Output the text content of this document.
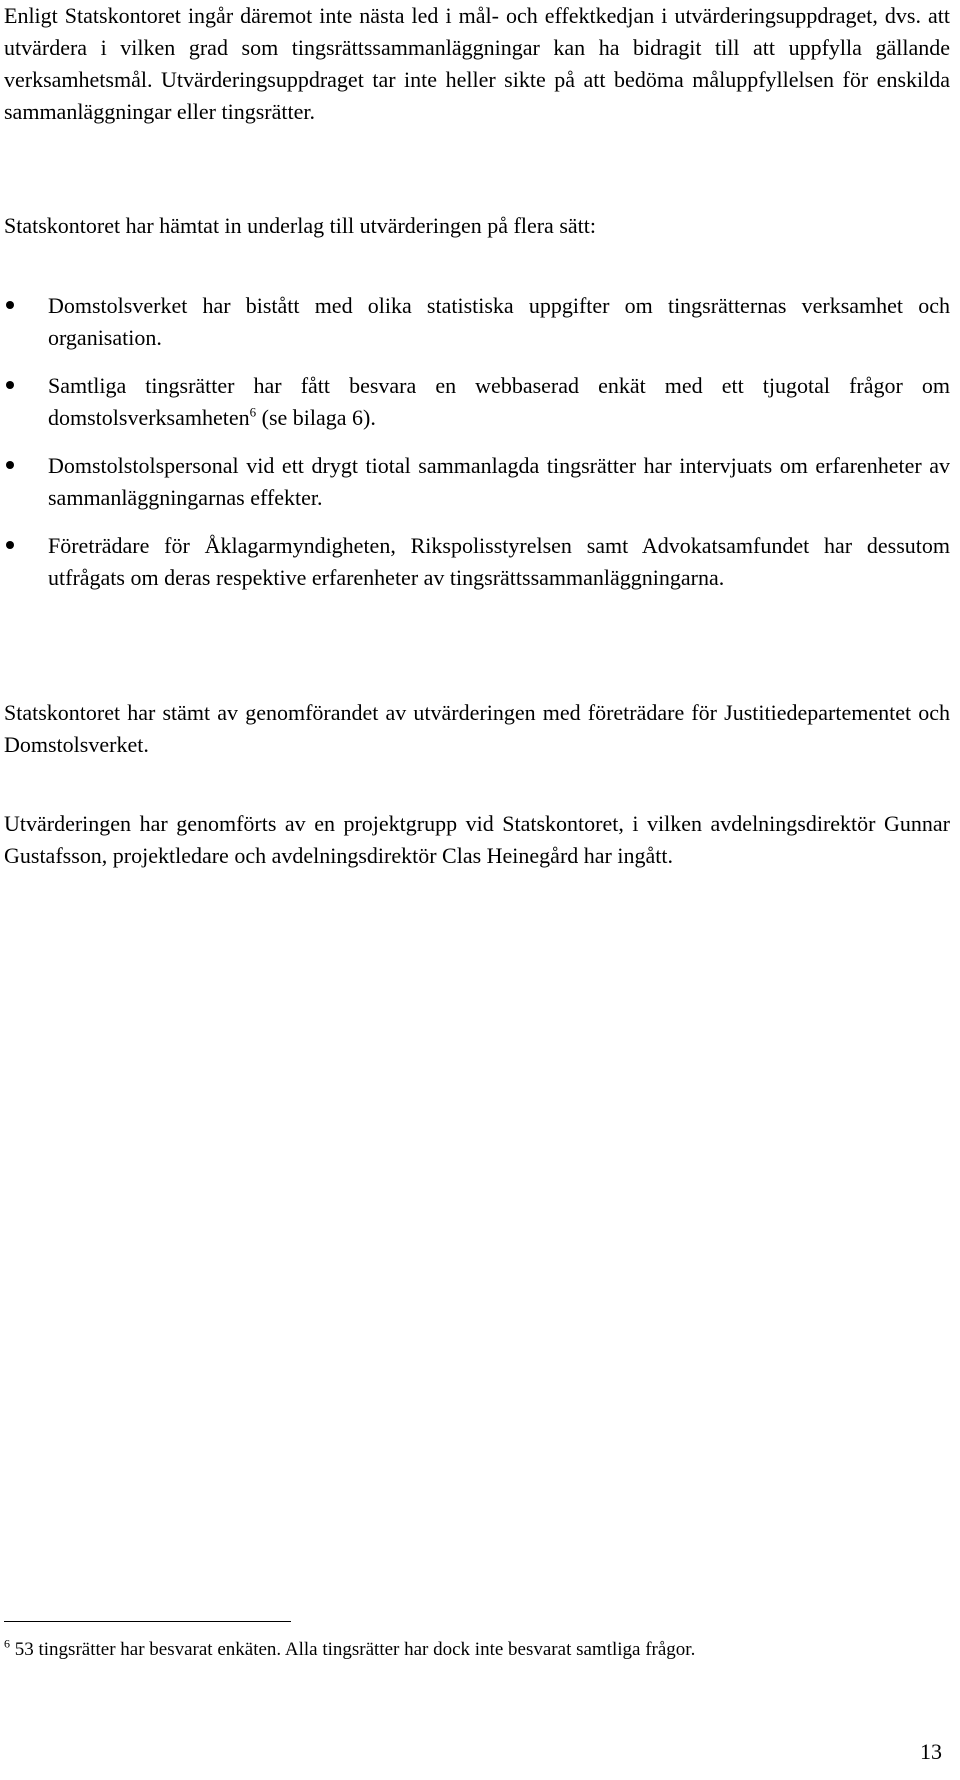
Enligt Statskontoret ingår däremot inte nästa led i mål- och effektkedjan i utvärderingsuppdraget, dvs. att utvärdera i vilken grad som tingsrättssammanläggningar kan ha bidragit till att uppfylla gällande verksamhetsmål. Utvärderingsuppdraget tar inte heller sikte på att bedöma måluppfyllelsen för enskilda sammanläggningar eller tingsrätter.

Statskontoret har hämtat in underlag till utvärderingen på flera sätt:

Domstolsverket har bistått med olika statistiska uppgifter om tingsrätternas verksamhet och organisation.
Samtliga tingsrätter har fått besvara en webbaserad enkät med ett tjugotal frågor om domstolsverksamheten$^6$ (se bilaga 6).
Domstolstolspersonal vid ett drygt tiotal sammanlagda tingsrätter har intervjuats om erfarenheter av sammanläggningarnas effekter.
Företrädare för Åklagarmyndigheten, Rikspolisstyrelsen samt Advokatsamfundet har dessutom utfrågats om deras respektive erfarenheter av tingsrättssammanläggningarna.

Statskontoret har stämt av genomförandet av utvärderingen med företrädare för Justitiedepartementet och Domstolsverket.

Utvärderingen har genomförts av en projektgrupp vid Statskontoret, i vilken avdelningsdirektör Gunnar Gustafsson, projektledare och avdelningsdirektör Clas Heinegård har ingått.

$^6$ 53 tingsrätter har besvarat enkäten. Alla tingsrätter har dock inte besvarat samtliga frågor.
13
